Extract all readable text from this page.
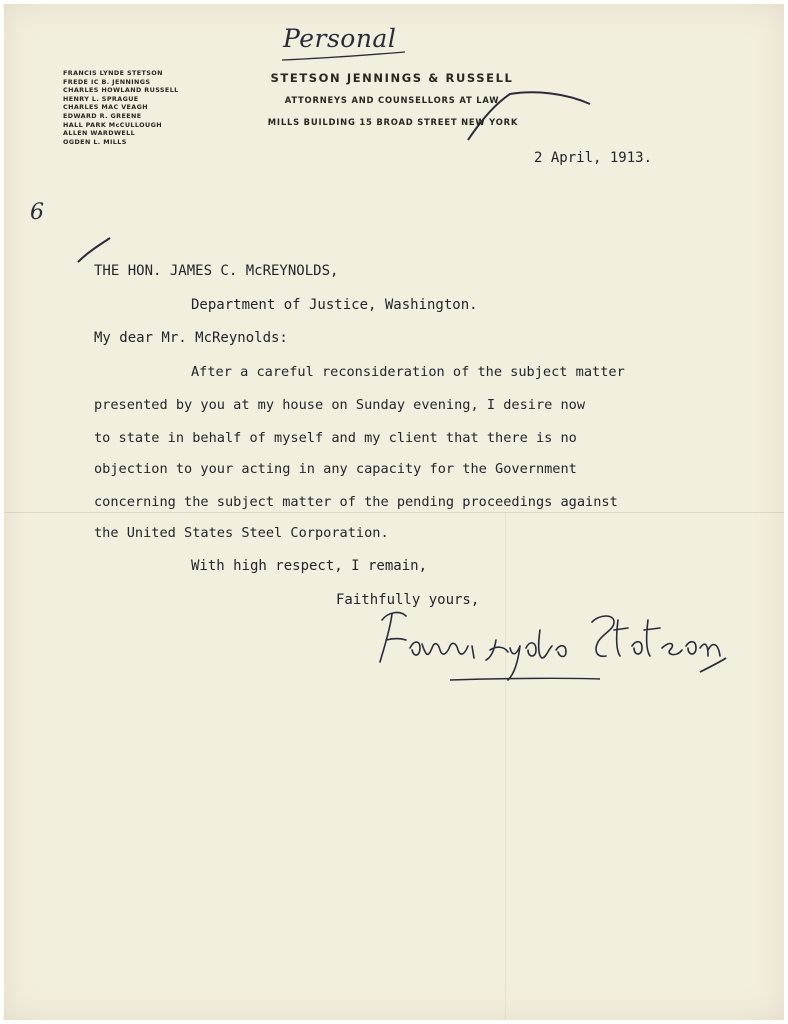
FRANCIS LYNDE STETSON
FREDE IC B. JENNINGS
CHARLES HOWLAND RUSSELL
HENRY L. SPRAGUE
CHARLES MAC VEAGH
EDWARD R. GREENE
HALL PARK McCULLOUGH
ALLEN WARDWELL
OGDEN L. MILLS
STETSON JENNINGS & RUSSELL
ATTORNEYS AND COUNSELLORS AT LAW
MILLS BUILDING 15 BROAD STREET NEW YORK
Personal
6
2 April, 1913.
THE HON. JAMES C. McREYNOLDS,
Department of Justice, Washington.
My dear Mr. McReynolds:
After a careful reconsideration of the subject matter
presented by you at my house on Sunday evening, I desire now
to state in behalf of myself and my client that there is no
objection to your acting in any capacity for the Government
concerning the subject matter of the pending proceedings against
the United States Steel Corporation.
With high respect, I remain,
Faithfully yours,
